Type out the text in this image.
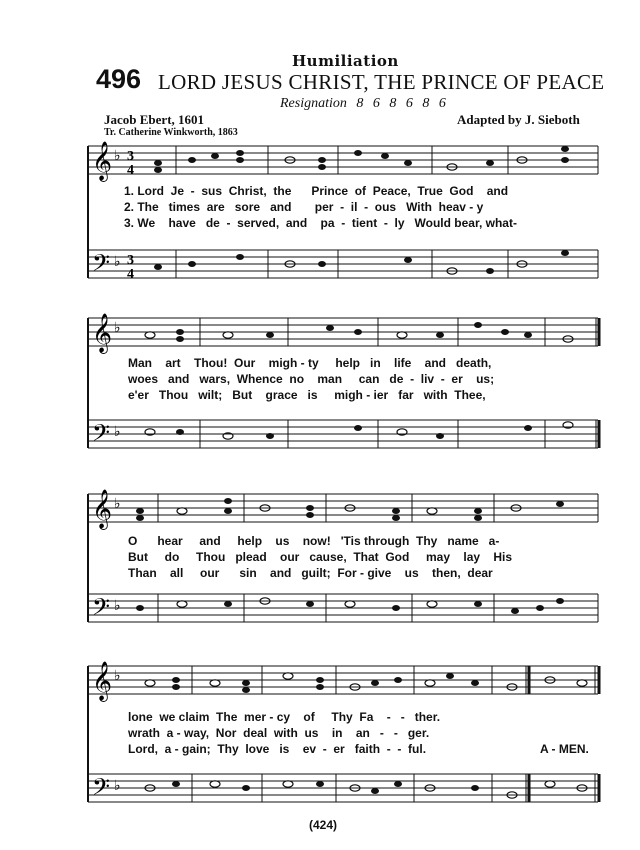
Humiliation
496 LORD JESUS CHRIST, THE PRINCE OF PEACE
Resignation 8 6 8 6 8 6
Jacob Ebert, 1601
Tr. Catherine Winkworth, 1863
Adapted by J. Sieboth
𝄞
𝄢
♭
♭
3
4
3
4
𝄞
𝄢
♭
♭
𝄞
𝄢
♭
♭
𝄞
𝄢
♭
♭
1. Lord  Je  -  sus  Christ,  the      Prince  of  Peace,  True  God    and
2. The   times  are   sore   and       per  -  il  -  ous   With  heav - y
3. We    have   de  -  served,  and    pa  -  tient  -  ly   Would bear, what-
Man    art    Thou!  Our    migh - ty     help   in    life    and   death,
woes   and   wars,  Whence  no    man     can   de  -  liv  -  er    us;
e'er   Thou   wilt;   But    grace   is     migh - ier   far   with  Thee,
O      hear     and     help    us    now!   'Tis through  Thy   name   a-
But     do     Thou   plead    our   cause,  That  God     may    lay    His
Than    all     our      sin    and   guilt;  For - give    us    then,  dear
lone  we claim  The  mer - cy    of     Thy  Fa    -   -   ther.
wrath  a - way,  Nor  deal  with  us    in    an   -   -   ger.
Lord,  a - gain;  Thy  love   is    ev  -  er   faith  -  -  ful.	A - MEN.
(424)
